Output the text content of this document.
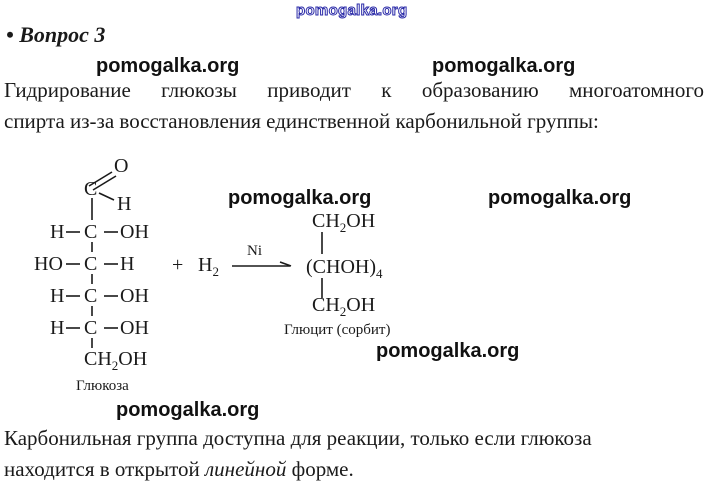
pomogalka.org
• Вопрос 3
pomogalka.org	pomogalka.org
pomogalka.org	pomogalka.org
pomogalka.org
pomogalka.org
Гидрирование глюкозы приводит к образованию многоатомного
спирта из-за восстановления единственной карбонильной группы:
O
C
H
H C OH
HO C H
H C OH
H C OH
$CH_2OH$
Глюкоза
+ $H_2$
Ni
$CH_2OH$
$(CHOH)_4$
$CH_2OH$
Глюцит (сорбит)
Карбонильная группа доступна для реакции, только если глюкоза
находится в открытой линейной форме.
